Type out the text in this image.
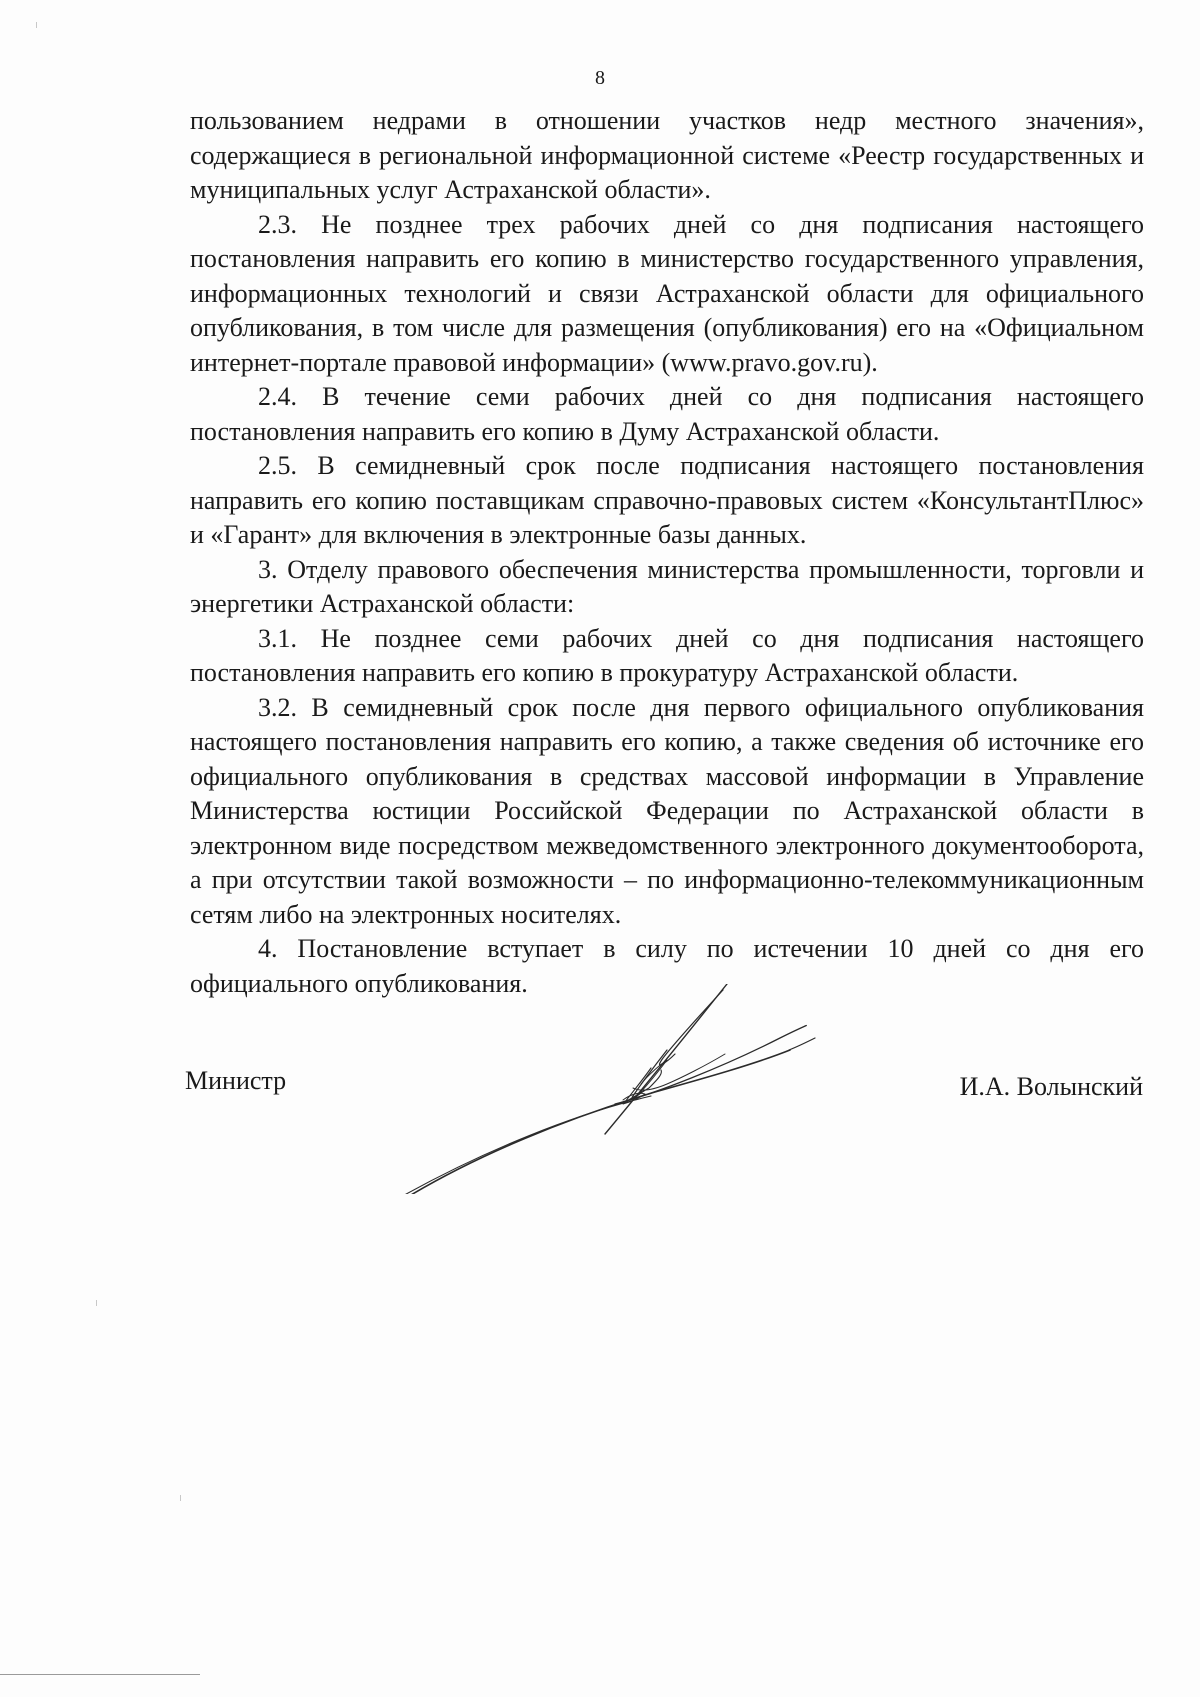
8

пользованием недрами в отношении участков недр местного значения», содержащиеся в региональной информационной системе «Реестр государственных и муниципальных услуг Астраханской области».

2.3. Не позднее трех рабочих дней со дня подписания настоящего постановления направить его копию в министерство государственного управления, информационных технологий и связи Астраханской области для официального опубликования, в том числе для размещения (опубликования) его на «Официальном интернет-портале правовой информации» (www.pravo.gov.ru).

2.4. В течение семи рабочих дней со дня подписания настоящего постановления направить его копию в Думу Астраханской области.

2.5. В семидневный срок после подписания настоящего постановления направить его копию поставщикам справочно-правовых систем «КонсультантПлюс» и «Гарант» для включения в электронные базы данных.

3. Отделу правового обеспечения министерства промышленности, торговли и энергетики Астраханской области:

3.1. Не позднее семи рабочих дней со дня подписания настоящего постановления направить его копию в прокуратуру Астраханской области.

3.2. В семидневный срок после дня первого официального опубликования настоящего постановления направить его копию, а также сведения об источнике его официального опубликования в средствах массовой информации в Управление Министерства юстиции Российской Федерации по Астраханской области в электронном виде посредством межведомственного электронного документооборота, а при отсутствии такой возможности – по информационно-телекоммуникационным сетям либо на электронных носителях.

4. Постановление вступает в силу по истечении 10 дней со дня его официального опубликования.

Министр	И.А. Волынский
